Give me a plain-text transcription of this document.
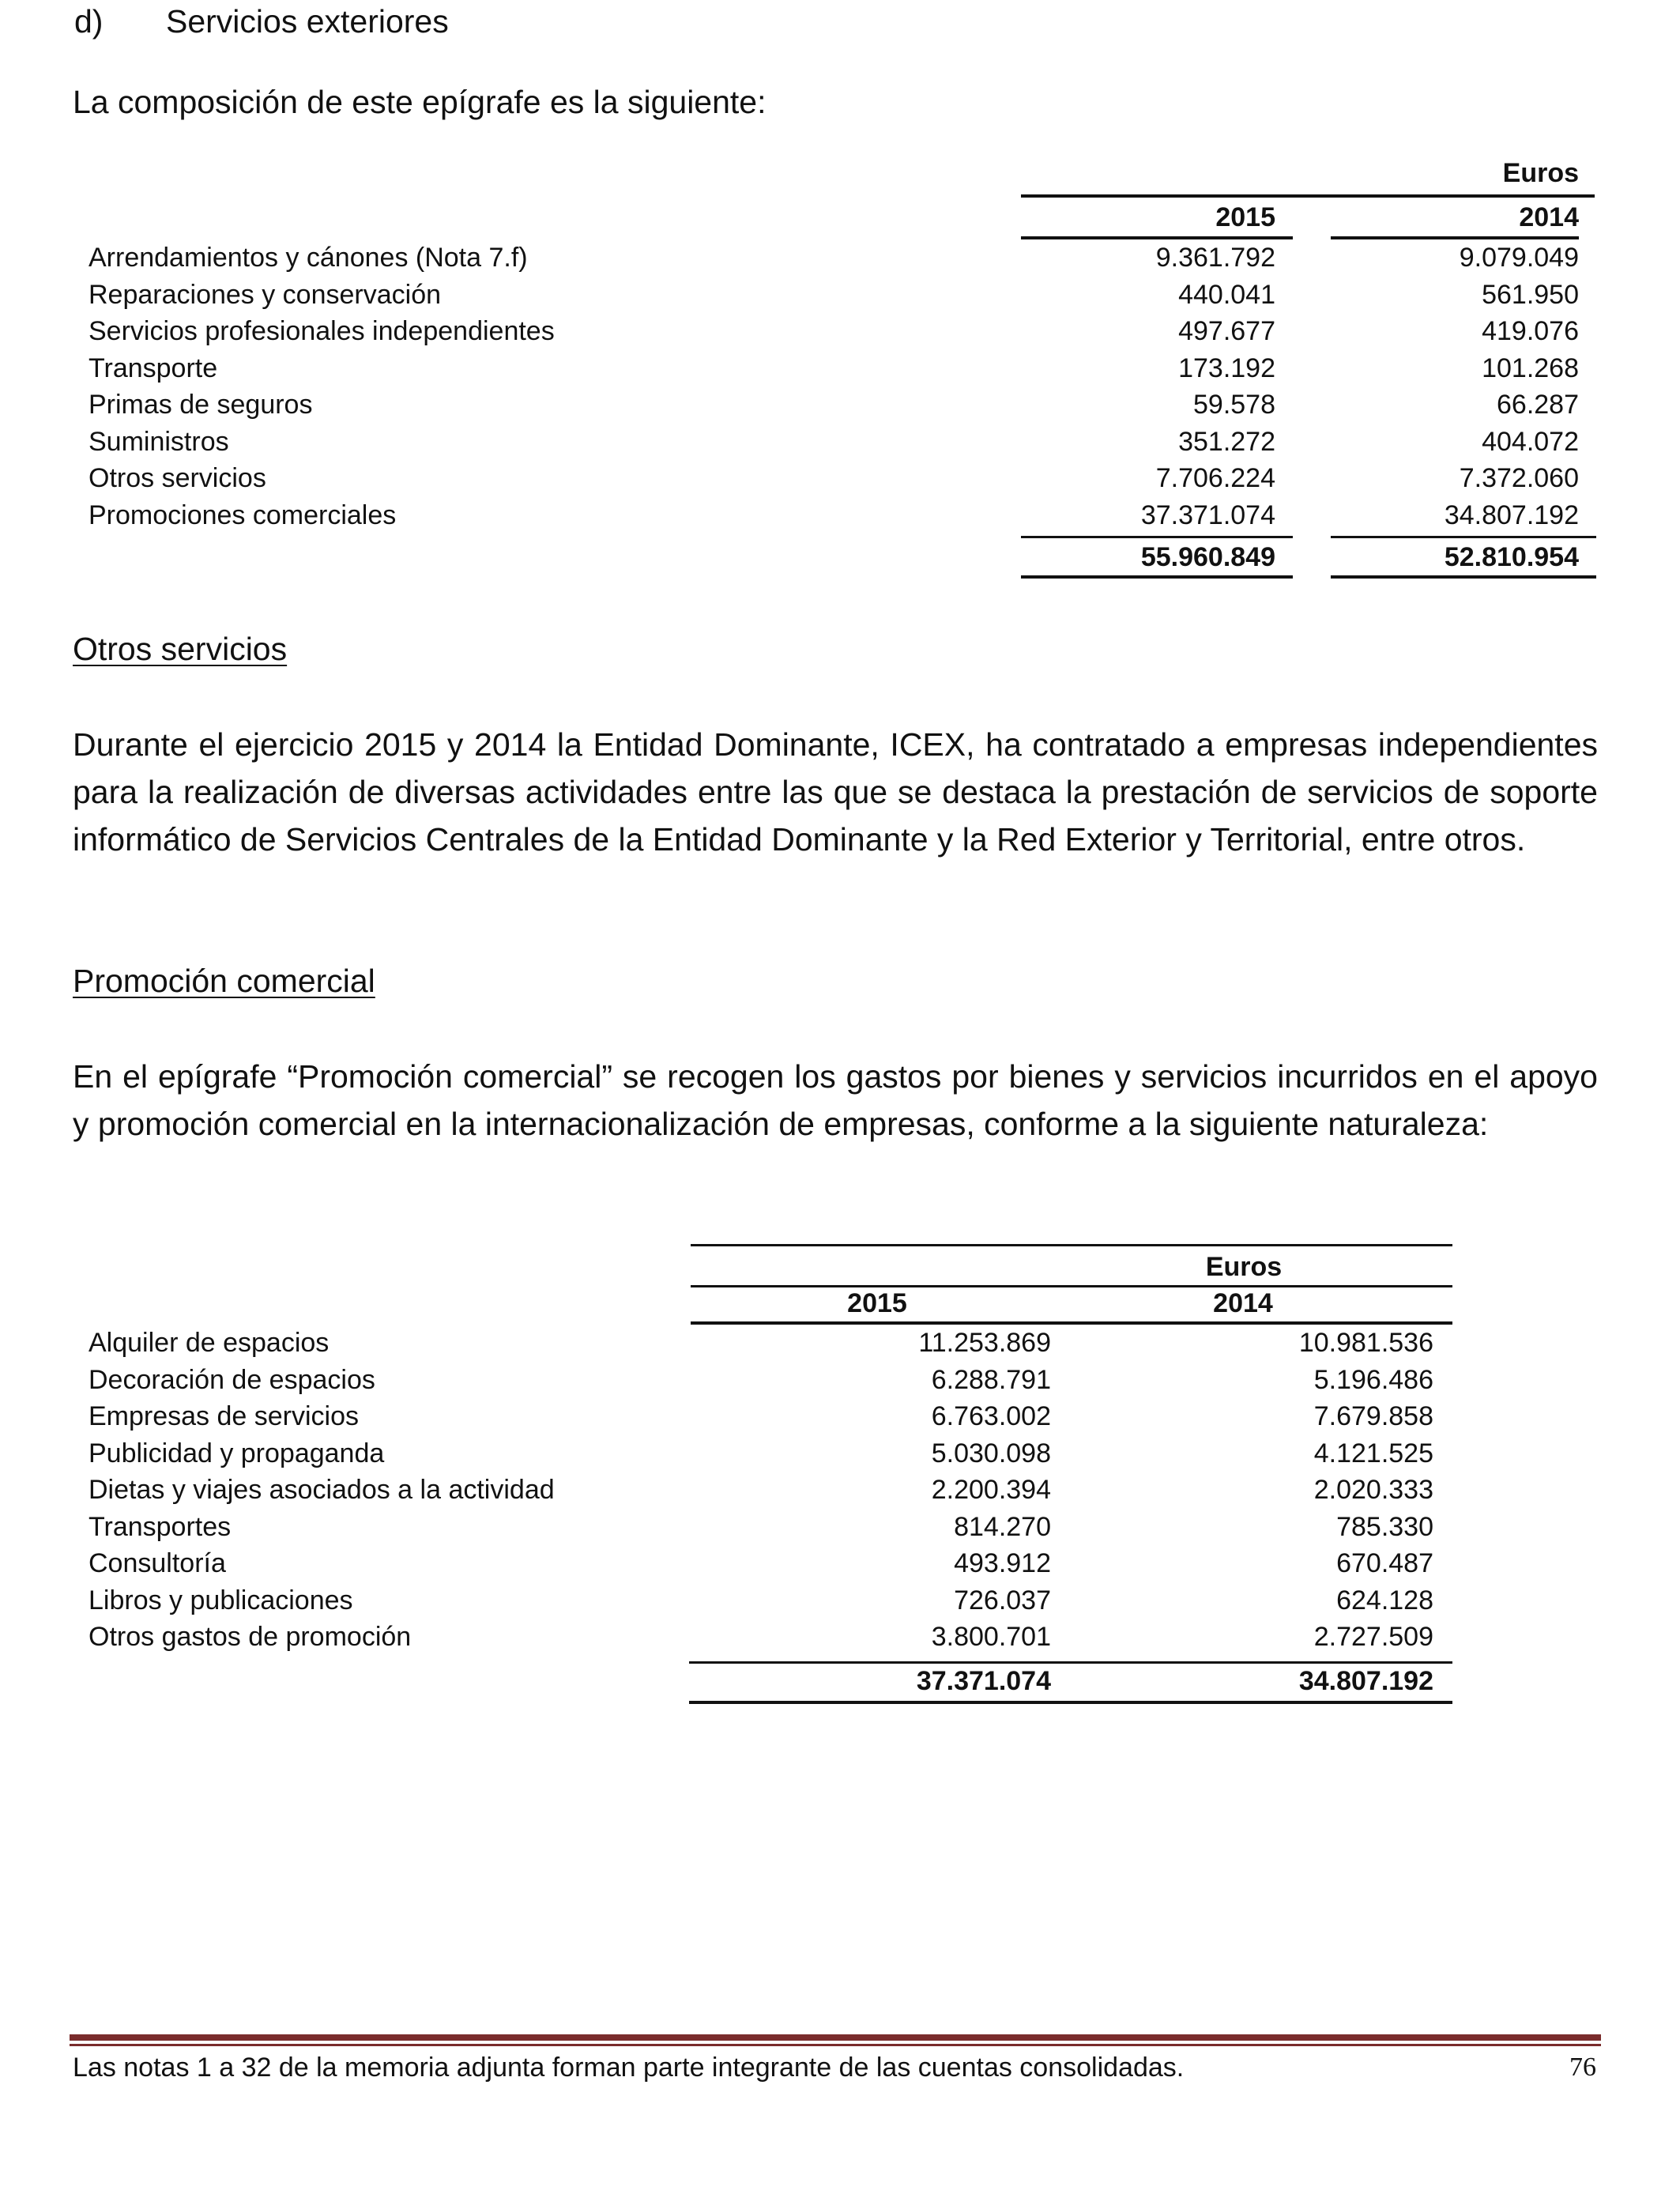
d) Servicios exteriores
La composición de este epígrafe es la siguiente:
Euros
2015	2014
Arrendamientos y cánones (Nota 7.f)	9.361.792	9.079.049
Reparaciones y conservación	440.041	561.950
Servicios profesionales independientes	497.677	419.076
Transporte	173.192	101.268
Primas de seguros	59.578	66.287
Suministros	351.272	404.072
Otros servicios	7.706.224	7.372.060
Promociones comerciales	37.371.074	34.807.192
55.960.849	52.810.954
Otros servicios
Durante el ejercicio 2015 y 2014 la Entidad Dominante, ICEX, ha contratado a empresas independientes para la realización de diversas actividades entre las que se destaca la prestación de servicios de soporte informático de Servicios Centrales de la Entidad Dominante y la Red Exterior y Territorial, entre otros.
Promoción comercial
En el epígrafe “Promoción comercial” se recogen los gastos por bienes y servicios incurridos en el apoyo y promoción comercial en la internacionalización de empresas, conforme a la siguiente naturaleza:
Euros
2015	2014
Alquiler de espacios	11.253.869	10.981.536
Decoración de espacios	6.288.791	5.196.486
Empresas de servicios	6.763.002	7.679.858
Publicidad y propaganda	5.030.098	4.121.525
Dietas y viajes asociados a la actividad	2.200.394	2.020.333
Transportes	814.270	785.330
Consultoría	493.912	670.487
Libros y publicaciones	726.037	624.128
Otros gastos de promoción	3.800.701	2.727.509
37.371.074	34.807.192
Las notas 1 a 32 de la memoria adjunta forman parte integrante de las cuentas consolidadas.	76
